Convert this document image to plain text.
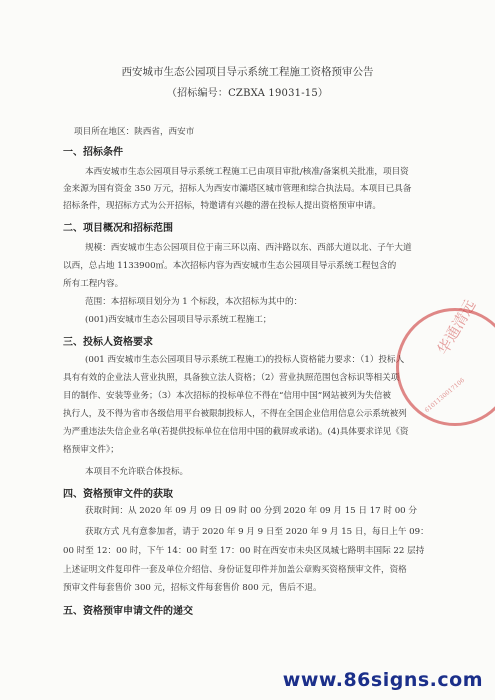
西安城市生态公园项目导示系统工程施工资格预审公告
（招标编号：CZBXA 19031-15）
项目所在地区：陕西省，西安市
一、招标条件
本西安城市生态公园项目导示系统工程施工已由项目审批/核准/备案机关批准，项目资
金来源为国有资金 350 万元，招标人为西安市灞塔区城市管理和综合执法局。本项目已具备
招标条件，现招标方式为公开招标，特邀请有兴趣的潜在投标人提出资格预审申请。
二、项目概况和招标范围
规模：西安城市生态公园项目位于南三环以南、西沣路以东、西部大道以北、子午大道
以西，总占地 1133900㎡。本次招标内容为西安城市生态公园项目导示系统工程包含的
所有工程内容。
范围：本招标项目划分为 1 个标段，本次招标为其中的：
(001)西安城市生态公园项目导示系统工程施工；
三、投标人资格要求
(001 西安城市生态公园项目导示系统工程施工)的投标人资格能力要求：（1）投标人
具有有效的企业法人营业执照，具备独立法人资格；（2）营业执照范围包含标识等相关项
目的制作、安装等业务；（3）本次招标的投标单位不得在“信用中国”网站被列为失信被
执行人，及不得为省市各级信用平台被限制投标人，不得在全国企业信用信息公示系统被列
为严重违法失信企业名单(若提供投标单位在信用中国的截屏或承诺)。(4)具体要求详见《资
格预审文件》；
本项目不允许联合体投标。
四、资格预审文件的获取
获取时间：从 2020 年 09 月 09 日 09 时 00 分到 2020 年 09 月 15 日 17 时 00 分
获取方式 凡有意参加者，请于 2020 年 9 月 9 日至 2020 年 9 月 15 日，每日上午 09：
00 时至 12：00 时，下午 14：00 时至 17：00 时在西安市未央区凤城七路明丰国际 22 层持
上述证明文件复印件一套及单位介绍信、身份证复印件并加盖公章购买资格预审文件，资格
预审文件每套售价 300 元，招标文件每套售价 800 元，售后不退。
五、资格预审申请文件的递交
华通清远
6101130017106
www.86signs.com
